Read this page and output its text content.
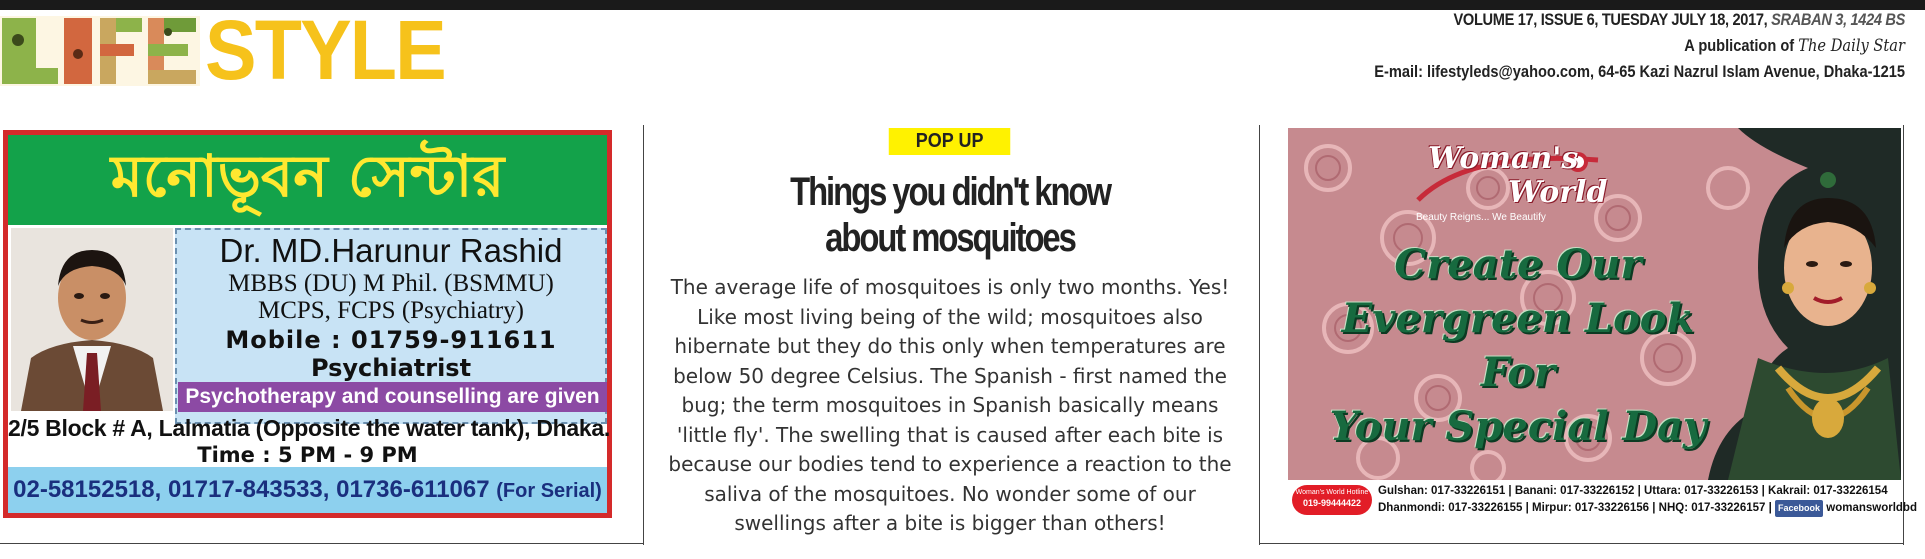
STYLE	VOLUME 17, ISSUE 6, TUESDAY JULY 18, 2017, SRABAN 3, 1424 BS
A publication of The Daily Star
E-mail: lifestyleds@yahoo.com, 64-65 Kazi Nazrul Islam Avenue, Dhaka-1215
মনোভূবন সেন্টার
Dr. MD.Harunur Rashid
MBBS (DU) M Phil. (BSMMU)
MCPS, FCPS (Psychiatry)
Mobile : 01759-911611
Psychiatrist
Psychotherapy and counselling are given
2/5 Block # A, Lalmatia (Opposite the water tank), Dhaka.
Time : 5 PM - 9 PM
02-58152518, 01717-843533, 01736-611067 (For Serial)
POP UP
Things you didn't know
about mosquitoes

The average life of mosquitoes is only two months. Yes! Like most living being of the wild; mosquitoes also hibernate but they do this only when temperatures are below 50 degree Celsius. The Spanish - first named the bug; the term mosquitoes in Spanish basically means 'little fly'. The swelling that is caused after each bite is because our bodies tend to experience a reaction to the saliva of the mosquitoes. No wonder some of our swellings after a bite is bigger than others!

Woman's
World
Beauty Reigns... We Beautify
Create Our
Evergreen Look
For
Your Special Day
Woman's World Hotline
019-99444422
Gulshan: 017-33226151 | Banani: 017-33226152 | Uttara: 017-33226153 | Kakrail: 017-33226154
Dhanmondi: 017-33226155 | Mirpur: 017-33226156 | NHQ: 017-33226157 | Facebook womansworldbd
